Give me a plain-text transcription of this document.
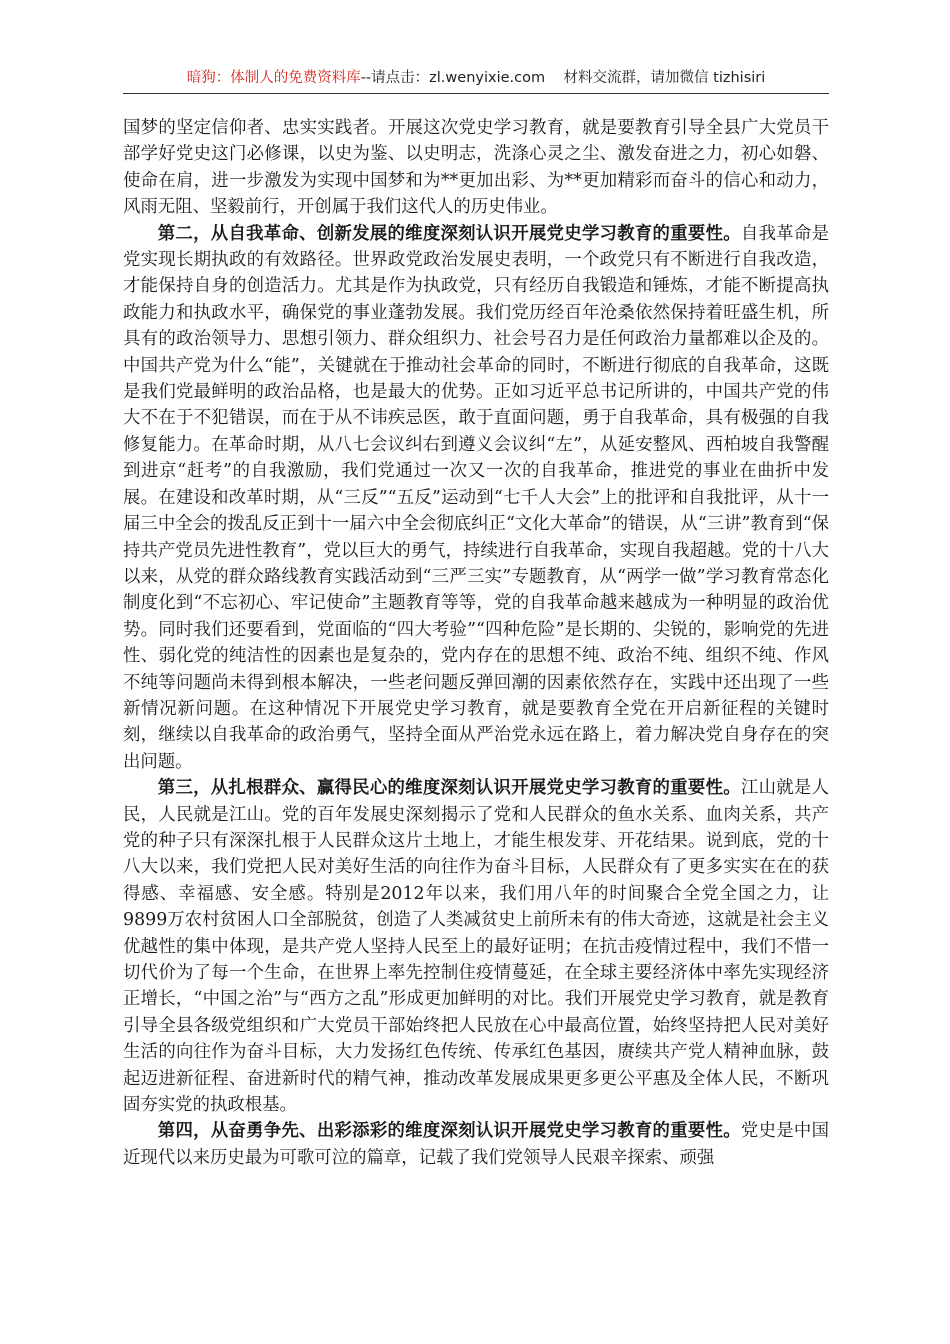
暗狗：体制人的免费资料库--请点击：zl.wenyixie.com 材料交流群，请加微信 tizhisiri

国梦的坚定信仰者、忠实实践者。开展这次党史学习教育，就是要教育引导全县广大党员干部学好党史这门必修课，以史为鉴、以史明志，洗涤心灵之尘、激发奋进之力，初心如磐、使命在肩，进一步激发为实现中国梦和为**更加出彩、为**更加精彩而奋斗的信心和动力，风雨无阻、坚毅前行，开创属于我们这代人的历史伟业。

第二，从自我革命、创新发展的维度深刻认识开展党史学习教育的重要性。自我革命是党实现长期执政的有效路径。世界政党政治发展史表明，一个政党只有不断进行自我改造，才能保持自身的创造活力。尤其是作为执政党，只有经历自我锻造和锤炼，才能不断提高执政能力和执政水平，确保党的事业蓬勃发展。我们党历经百年沧桑依然保持着旺盛生机，所具有的政治领导力、思想引领力、群众组织力、社会号召力是任何政治力量都难以企及的。中国共产党为什么“能”，关键就在于推动社会革命的同时，不断进行彻底的自我革命，这既是我们党最鲜明的政治品格，也是最大的优势。正如习近平总书记所讲的，中国共产党的伟大不在于不犯错误，而在于从不讳疾忌医，敢于直面问题，勇于自我革命，具有极强的自我修复能力。在革命时期，从八七会议纠右到遵义会议纠“左”，从延安整风、西柏坡自我警醒到进京“赶考”的自我激励，我们党通过一次又一次的自我革命，推进党的事业在曲折中发展。在建设和改革时期，从“三反”“五反”运动到“七千人大会”上的批评和自我批评，从十一届三中全会的拨乱反正到十一届六中全会彻底纠正“文化大革命”的错误，从“三讲”教育到“保持共产党员先进性教育”，党以巨大的勇气，持续进行自我革命，实现自我超越。党的十八大以来，从党的群众路线教育实践活动到“三严三实”专题教育，从“两学一做”学习教育常态化制度化到“不忘初心、牢记使命”主题教育等等，党的自我革命越来越成为一种明显的政治优势。同时我们还要看到，党面临的“四大考验”“四种危险”是长期的、尖锐的，影响党的先进性、弱化党的纯洁性的因素也是复杂的，党内存在的思想不纯、政治不纯、组织不纯、作风不纯等问题尚未得到根本解决，一些老问题反弹回潮的因素依然存在，实践中还出现了一些新情况新问题。在这种情况下开展党史学习教育，就是要教育全党在开启新征程的关键时刻，继续以自我革命的政治勇气，坚持全面从严治党永远在路上，着力解决党自身存在的突出问题。

第三，从扎根群众、赢得民心的维度深刻认识开展党史学习教育的重要性。江山就是人民，人民就是江山。党的百年发展史深刻揭示了党和人民群众的鱼水关系、血肉关系，共产党的种子只有深深扎根于人民群众这片土地上，才能生根发芽、开花结果。说到底，党的十八大以来，我们党把人民对美好生活的向往作为奋斗目标，人民群众有了更多实实在在的获得感、幸福感、安全感。特别是2012年以来，我们用八年的时间聚合全党全国之力，让9899万农村贫困人口全部脱贫，创造了人类减贫史上前所未有的伟大奇迹，这就是社会主义优越性的集中体现，是共产党人坚持人民至上的最好证明；在抗击疫情过程中，我们不惜一切代价为了每一个生命，在世界上率先控制住疫情蔓延，在全球主要经济体中率先实现经济正增长，“中国之治”与“西方之乱”形成更加鲜明的对比。我们开展党史学习教育，就是教育引导全县各级党组织和广大党员干部始终把人民放在心中最高位置，始终坚持把人民对美好生活的向往作为奋斗目标，大力发扬红色传统、传承红色基因，赓续共产党人精神血脉，鼓起迈进新征程、奋进新时代的精气神，推动改革发展成果更多更公平惠及全体人民，不断巩固夯实党的执政根基。

第四，从奋勇争先、出彩添彩的维度深刻认识开展党史学习教育的重要性。党史是中国近现代以来历史最为可歌可泣的篇章，记载了我们党领导人民艰辛探索、顽强
